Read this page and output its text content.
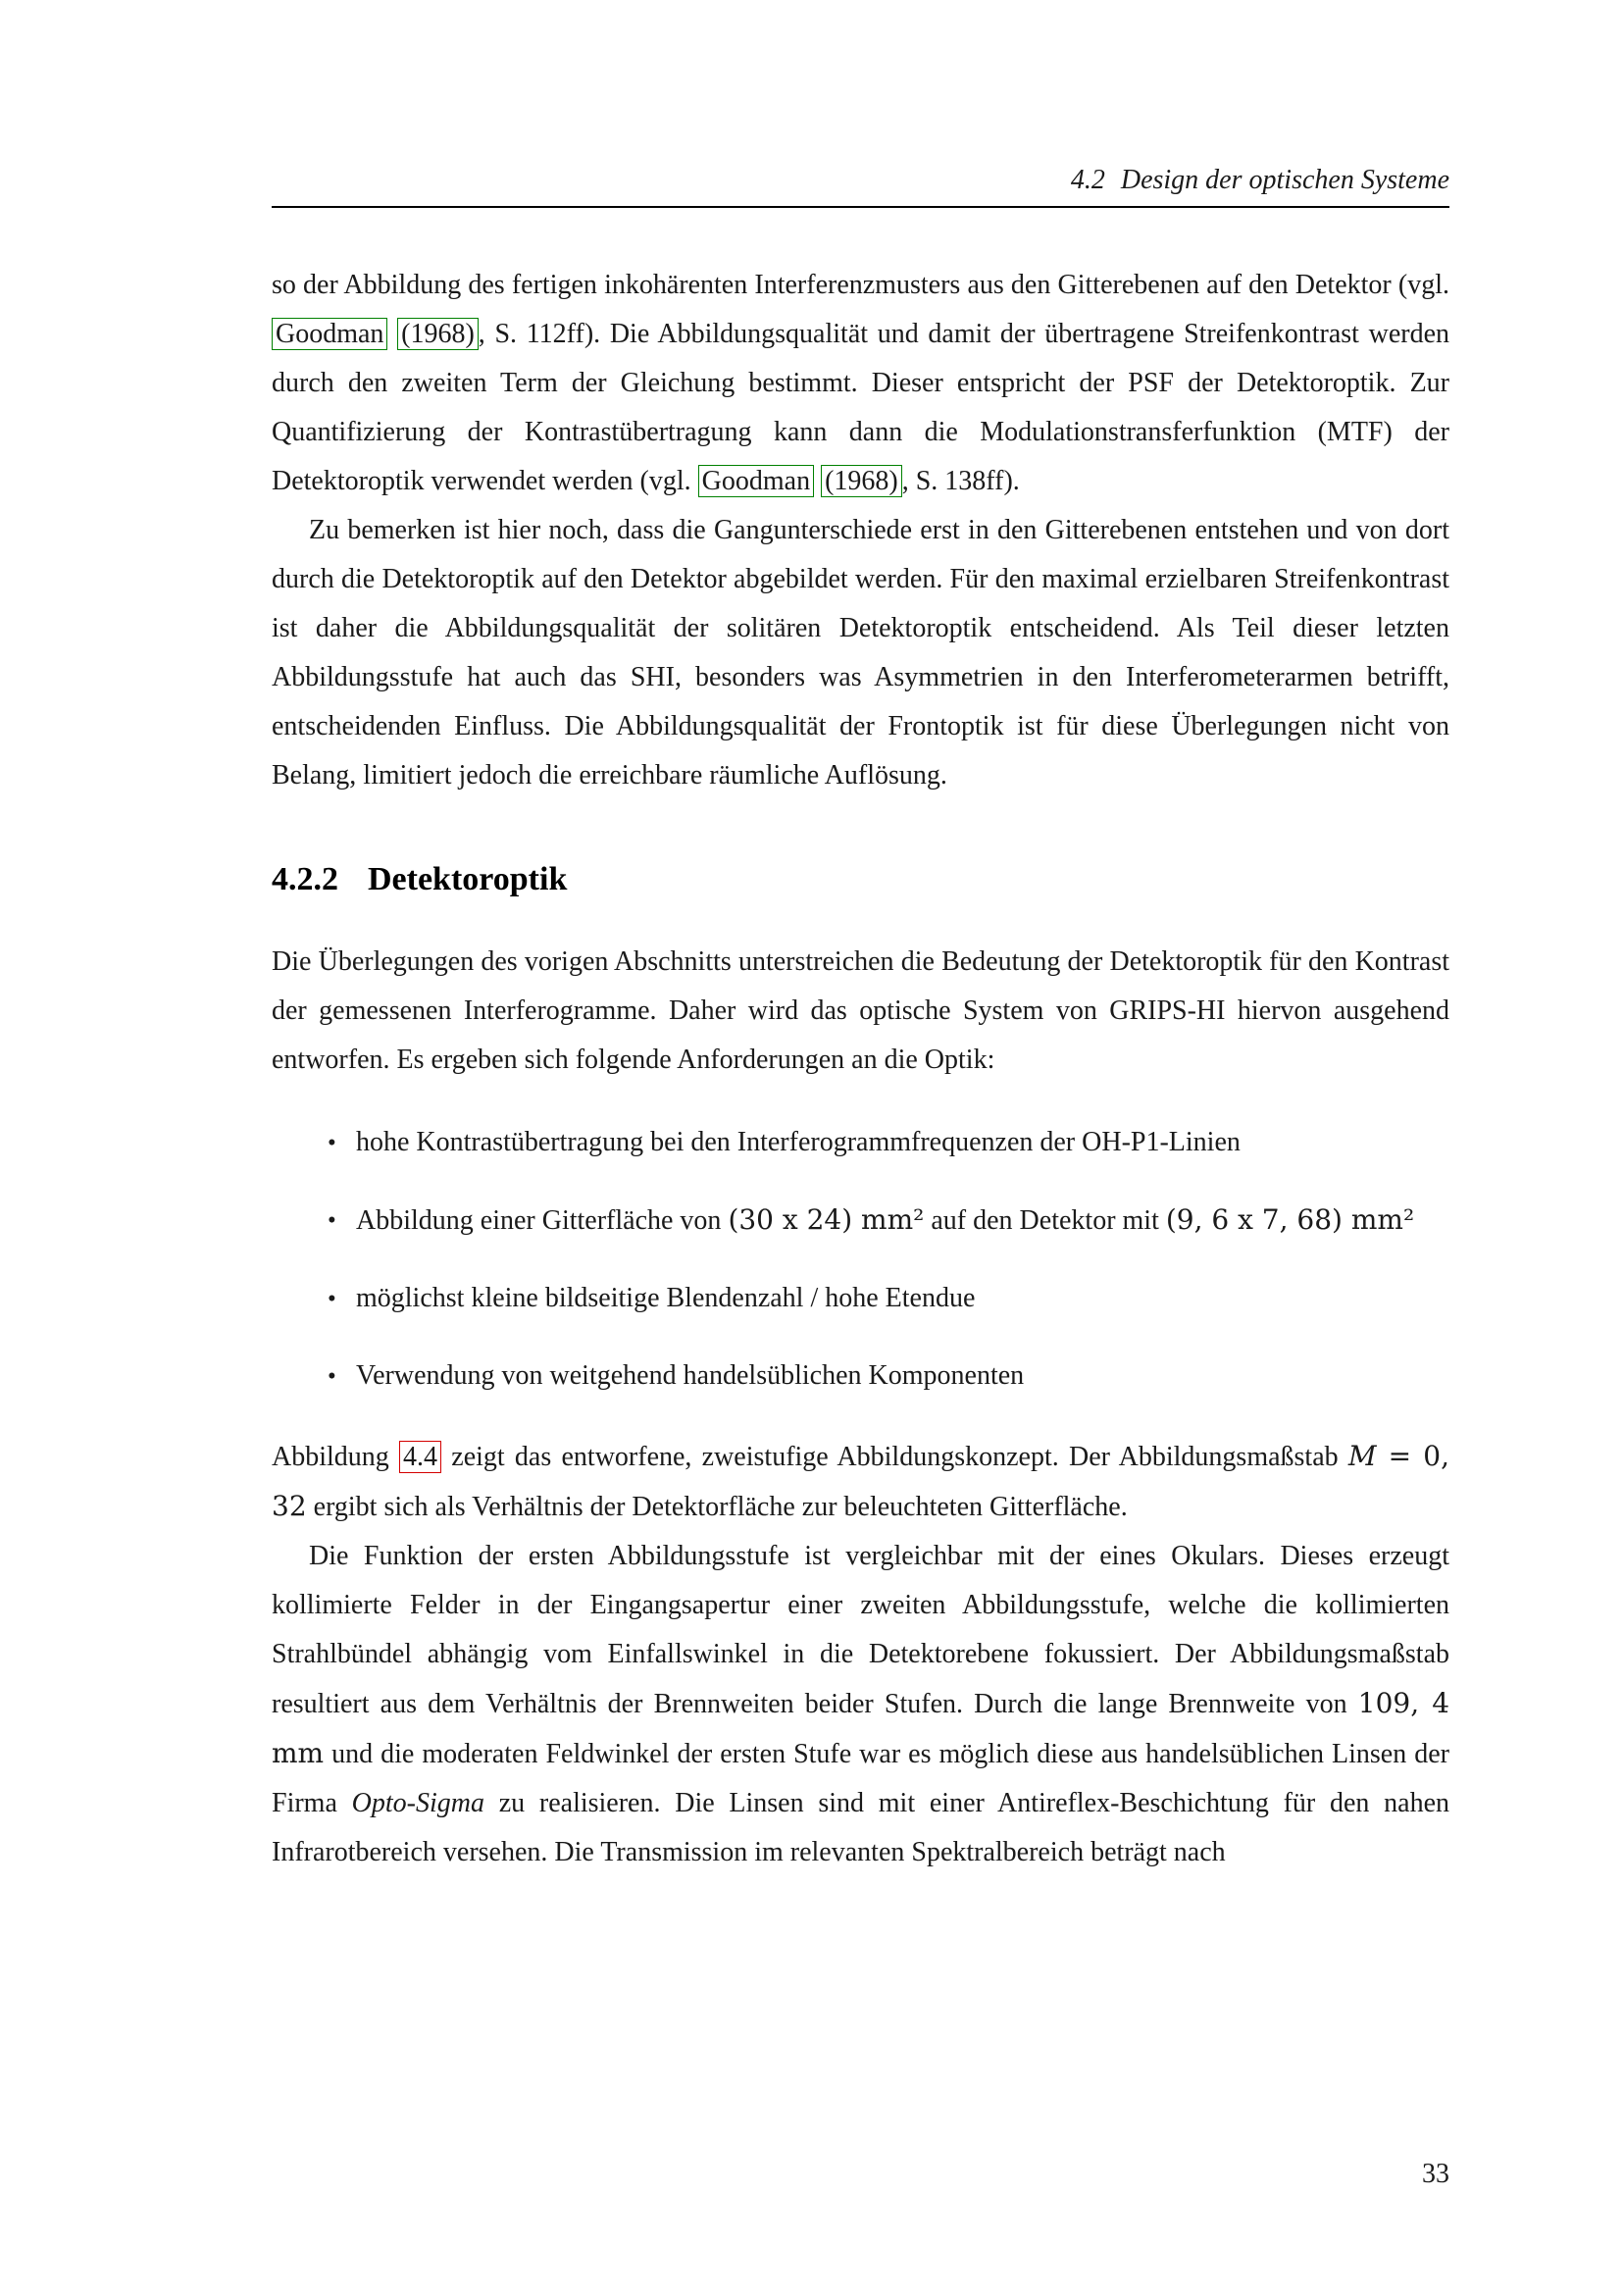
4.2 Design der optischen Systeme

so der Abbildung des fertigen inkohärenten Interferenzmusters aus den Gitterebenen auf den Detektor (vgl. Goodman (1968) , S. 112ff). Die Abbildungsqualität und damit der übertragene Streifenkontrast werden durch den zweiten Term der Gleichung bestimmt. Dieser entspricht der PSF der Detektoroptik. Zur Quantifizierung der Kontrastübertragung kann dann die Modulationstransferfunktion (MTF) der Detektoroptik verwendet werden (vgl. Goodman (1968) , S. 138ff).

Zu bemerken ist hier noch, dass die Gangunterschiede erst in den Gitterebenen entstehen und von dort durch die Detektoroptik auf den Detektor abgebildet werden. Für den maximal erzielbaren Streifenkontrast ist daher die Abbildungsqualität der solitären Detektoroptik entscheidend. Als Teil dieser letzten Abbildungsstufe hat auch das SHI, besonders was Asymmetrien in den Interferometerarmen betrifft, entscheidenden Einfluss. Die Abbildungsqualität der Frontoptik ist für diese Überlegungen nicht von Belang, limitiert jedoch die erreichbare räumliche Auflösung.

4.2.2 Detektoroptik

Die Überlegungen des vorigen Abschnitts unterstreichen die Bedeutung der Detektoroptik für den Kontrast der gemessenen Interferogramme. Daher wird das optische System von GRIPS-HI hiervon ausgehend entworfen. Es ergeben sich folgende Anforderungen an die Optik:

•
hohe Kontrastübertragung bei den Interferogrammfrequenzen der OH-P1-Linien
•
Abbildung einer Gitterfläche von (30 x 24) mm² auf den Detektor mit (9, 6 x 7, 68) mm²
•
möglichst kleine bildseitige Blendenzahl / hohe Etendue
•
Verwendung von weitgehend handelsüblichen Komponenten

Abbildung 4.4 zeigt das entworfene, zweistufige Abbildungskonzept. Der Abbildungsmaßstab M = 0, 32 ergibt sich als Verhältnis der Detektorfläche zur beleuchteten Gitterfläche.

Die Funktion der ersten Abbildungsstufe ist vergleichbar mit der eines Okulars. Dieses erzeugt kollimierte Felder in der Eingangsapertur einer zweiten Abbildungsstufe, welche die kollimierten Strahlbündel abhängig vom Einfallswinkel in die Detektorebene fokussiert. Der Abbildungsmaßstab resultiert aus dem Verhältnis der Brennweiten beider Stufen. Durch die lange Brennweite von 109, 4 mm und die moderaten Feldwinkel der ersten Stufe war es möglich diese aus handelsüblichen Linsen der Firma Opto-Sigma zu realisieren. Die Linsen sind mit einer Antireflex-Beschichtung für den nahen Infrarotbereich versehen. Die Transmission im relevanten Spektralbereich beträgt nach

33
